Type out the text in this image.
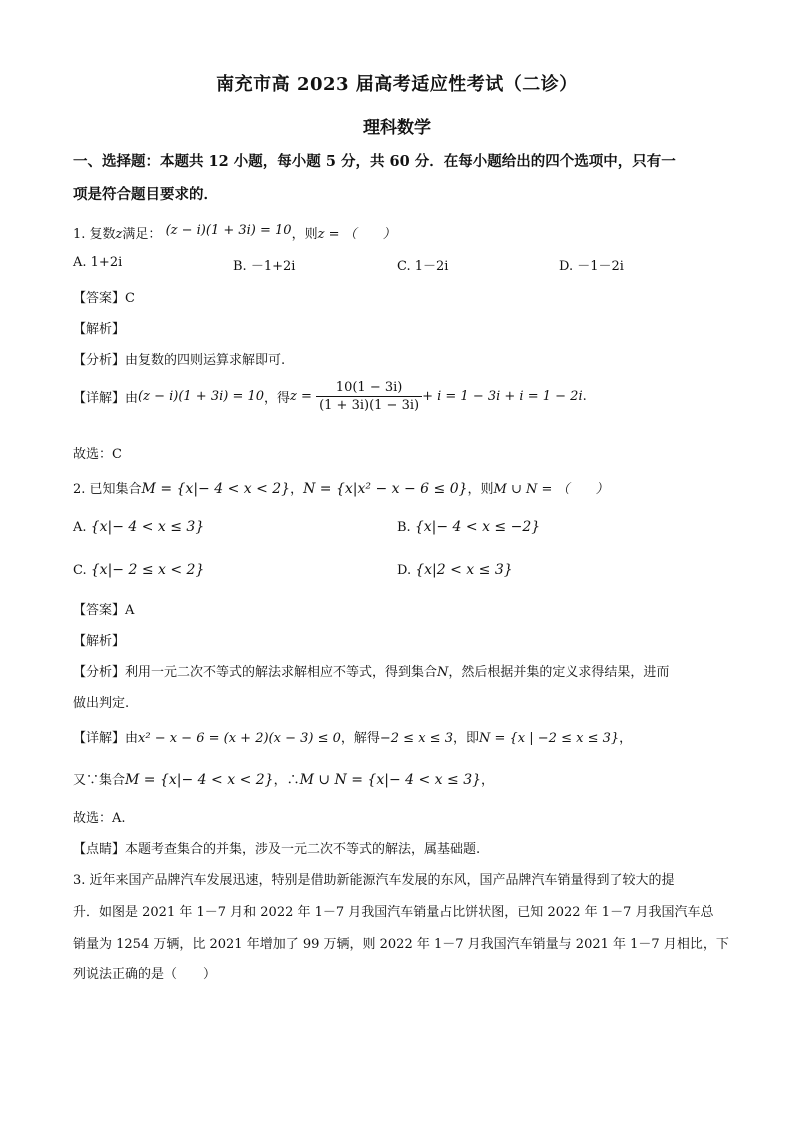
南充市高 2023 届高考适应性考试（二诊）
理科数学
一、选择题：本题共 12 小题，每小题 5 分，共 60 分．在每小题给出的四个选项中，只有一
项是符合题目要求的．
1. 复数z满足： (z − i)(1 + 3i) = 10，则z = （　　）
A. 1+2i	B. －1+2i	C. 1－2i	D. －1－2i
【答案】C
【解析】
【分析】由复数的四则运算求解即可.
【详解】由(z − i)(1 + 3i) = 10，得$z = \frac{10(1 - 3i)}{(1 + 3i)(1 - 3i)} + i = 1 - 3i + i = 1 - 2i$.
故选：C
2. 已知集合M = {x|− 4 < x < 2}，N = {x|x² − x − 6 ≤ 0}，则M ∪ N = （　　）
A. {x|− 4 < x ≤ 3}	B. {x|− 4 < x ≤ −2}
C. {x|− 2 ≤ x < 2}	D. {x|2 < x ≤ 3}
【答案】A
【解析】
【分析】利用一元二次不等式的解法求解相应不等式，得到集合N，然后根据并集的定义求得结果，进而
做出判定.
【详解】由x² − x − 6 = (x + 2)(x − 3) ≤ 0，解得−2 ≤ x ≤ 3，即N = {x | −2 ≤ x ≤ 3}，
又∵集合M = {x|− 4 < x < 2}，∴M ∪ N = {x|− 4 < x ≤ 3}，
故选：A.
【点睛】本题考查集合的并集，涉及一元二次不等式的解法，属基础题.
3. 近年来国产品牌汽车发展迅速，特别是借助新能源汽车发展的东风，国产品牌汽车销量得到了较大的提
升．如图是 2021 年 1－7 月和 2022 年 1－7 月我国汽车销量占比饼状图，已知 2022 年 1－7 月我国汽车总
销量为 1254 万辆，比 2021 年增加了 99 万辆，则 2022 年 1－7 月我国汽车销量与 2021 年 1－7 月相比，下
列说法正确的是（　　）
